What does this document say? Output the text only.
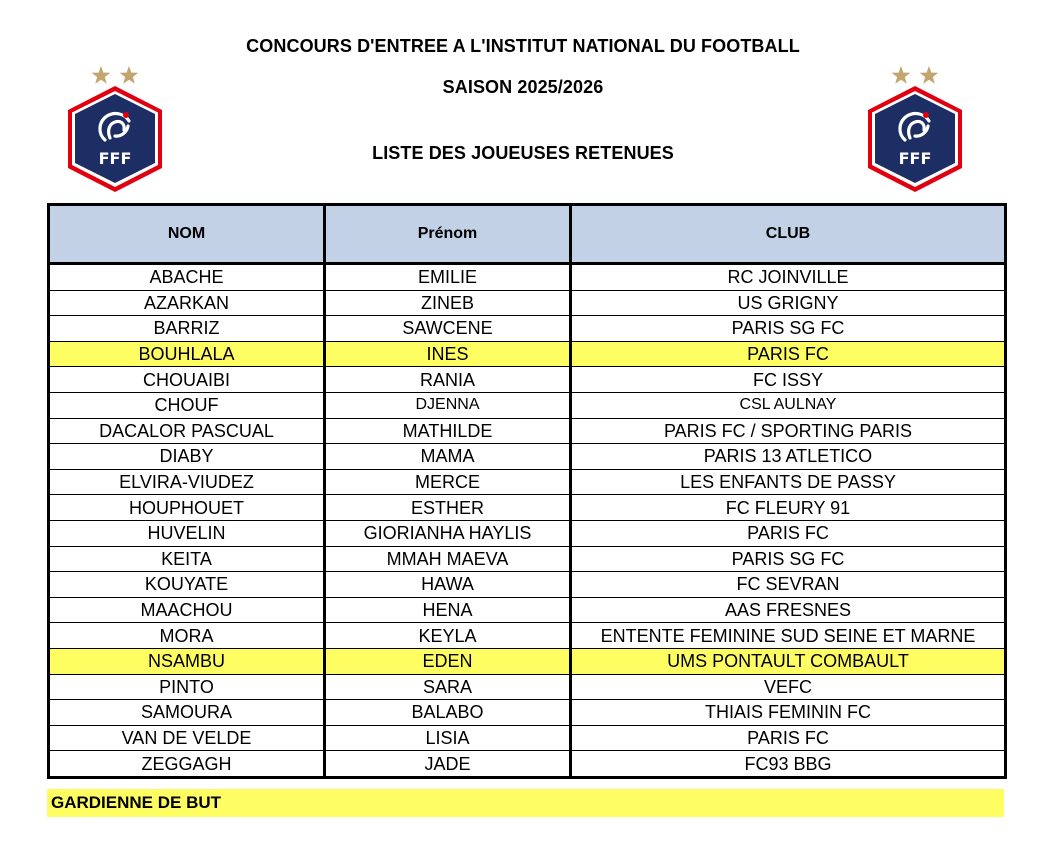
CONCOURS D'ENTREE A L'INSTITUT NATIONAL DU FOOTBALL
SAISON 2025/2026
LISTE DES JOUEUSES RETENUES
FFF	FFF
NOM	Prénom	CLUB
ABACHE	EMILIE	RC JOINVILLE
AZARKAN	ZINEB	US GRIGNY
BARRIZ	SAWCENE	PARIS SG FC
BOUHLALA	INES	PARIS FC
CHOUAIBI	RANIA	FC ISSY
CHOUF	DJENNA	CSL AULNAY
DACALOR PASCUAL	MATHILDE	PARIS FC / SPORTING PARIS
DIABY	MAMA	PARIS 13 ATLETICO
ELVIRA-VIUDEZ	MERCE	LES ENFANTS DE PASSY
HOUPHOUET	ESTHER	FC FLEURY 91
HUVELIN	GIORIANHA HAYLIS	PARIS FC
KEITA	MMAH MAEVA	PARIS SG FC
KOUYATE	HAWA	FC SEVRAN
MAACHOU	HENA	AAS FRESNES
MORA	KEYLA	ENTENTE FEMININE SUD SEINE ET MARNE
NSAMBU	EDEN	UMS PONTAULT COMBAULT
PINTO	SARA	VEFC
SAMOURA	BALABO	THIAIS FEMININ FC
VAN DE VELDE	LISIA	PARIS FC
ZEGGAGH	JADE	FC93 BBG
GARDIENNE DE BUT
